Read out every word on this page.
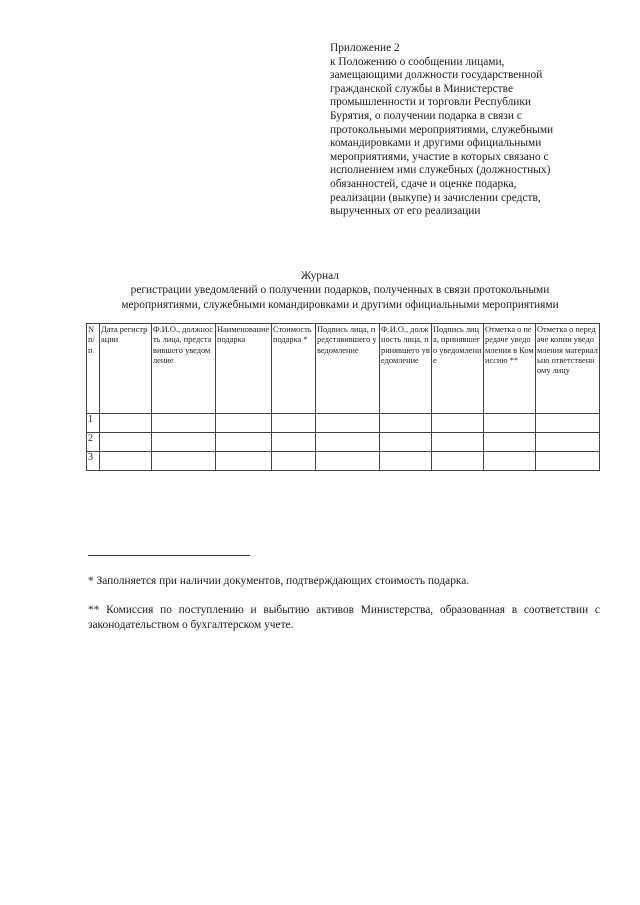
Приложение 2
к Положению о сообщении лицами,
замещающими должности государственной
гражданской службы в Министерстве
промышленности и торговли Республики
Бурятия, о получении подарка в связи с
протокольными мероприятиями, служебными
командировками и другими официальными
мероприятиями, участие в которых связано с
исполнением ими служебных (должностных)
обязанностей, сдаче и оценке подарка,
реализации (выкупе) и зачислении средств,
вырученных от его реализации
Журнал
регистрации уведомлений о получении подарков, полученных в связи протокольными
мероприятиями, служебными командировками и другими официальными мероприятиями
N п/п	Дата регистрации	Ф.И.О., должность лица, представившего уведомление	Наименование подарка	Стоимость подарка *	Подпись лица, представившего уведомление	Ф.И.О., должность лица, принявшего уведомление	Подпись лица, принявшего уведомление	Отметка о передаче уведомления в Комиссию **	Отметка о передаче копии уведомления материально ответственному лицу
1									
2									
3									
* Заполняется при наличии документов, подтверждающих стоимость подарка.
** Комиссия по поступлению и выбытию активов Министерства, образованная в соответствии с законодательством о бухгалтерском учете.
